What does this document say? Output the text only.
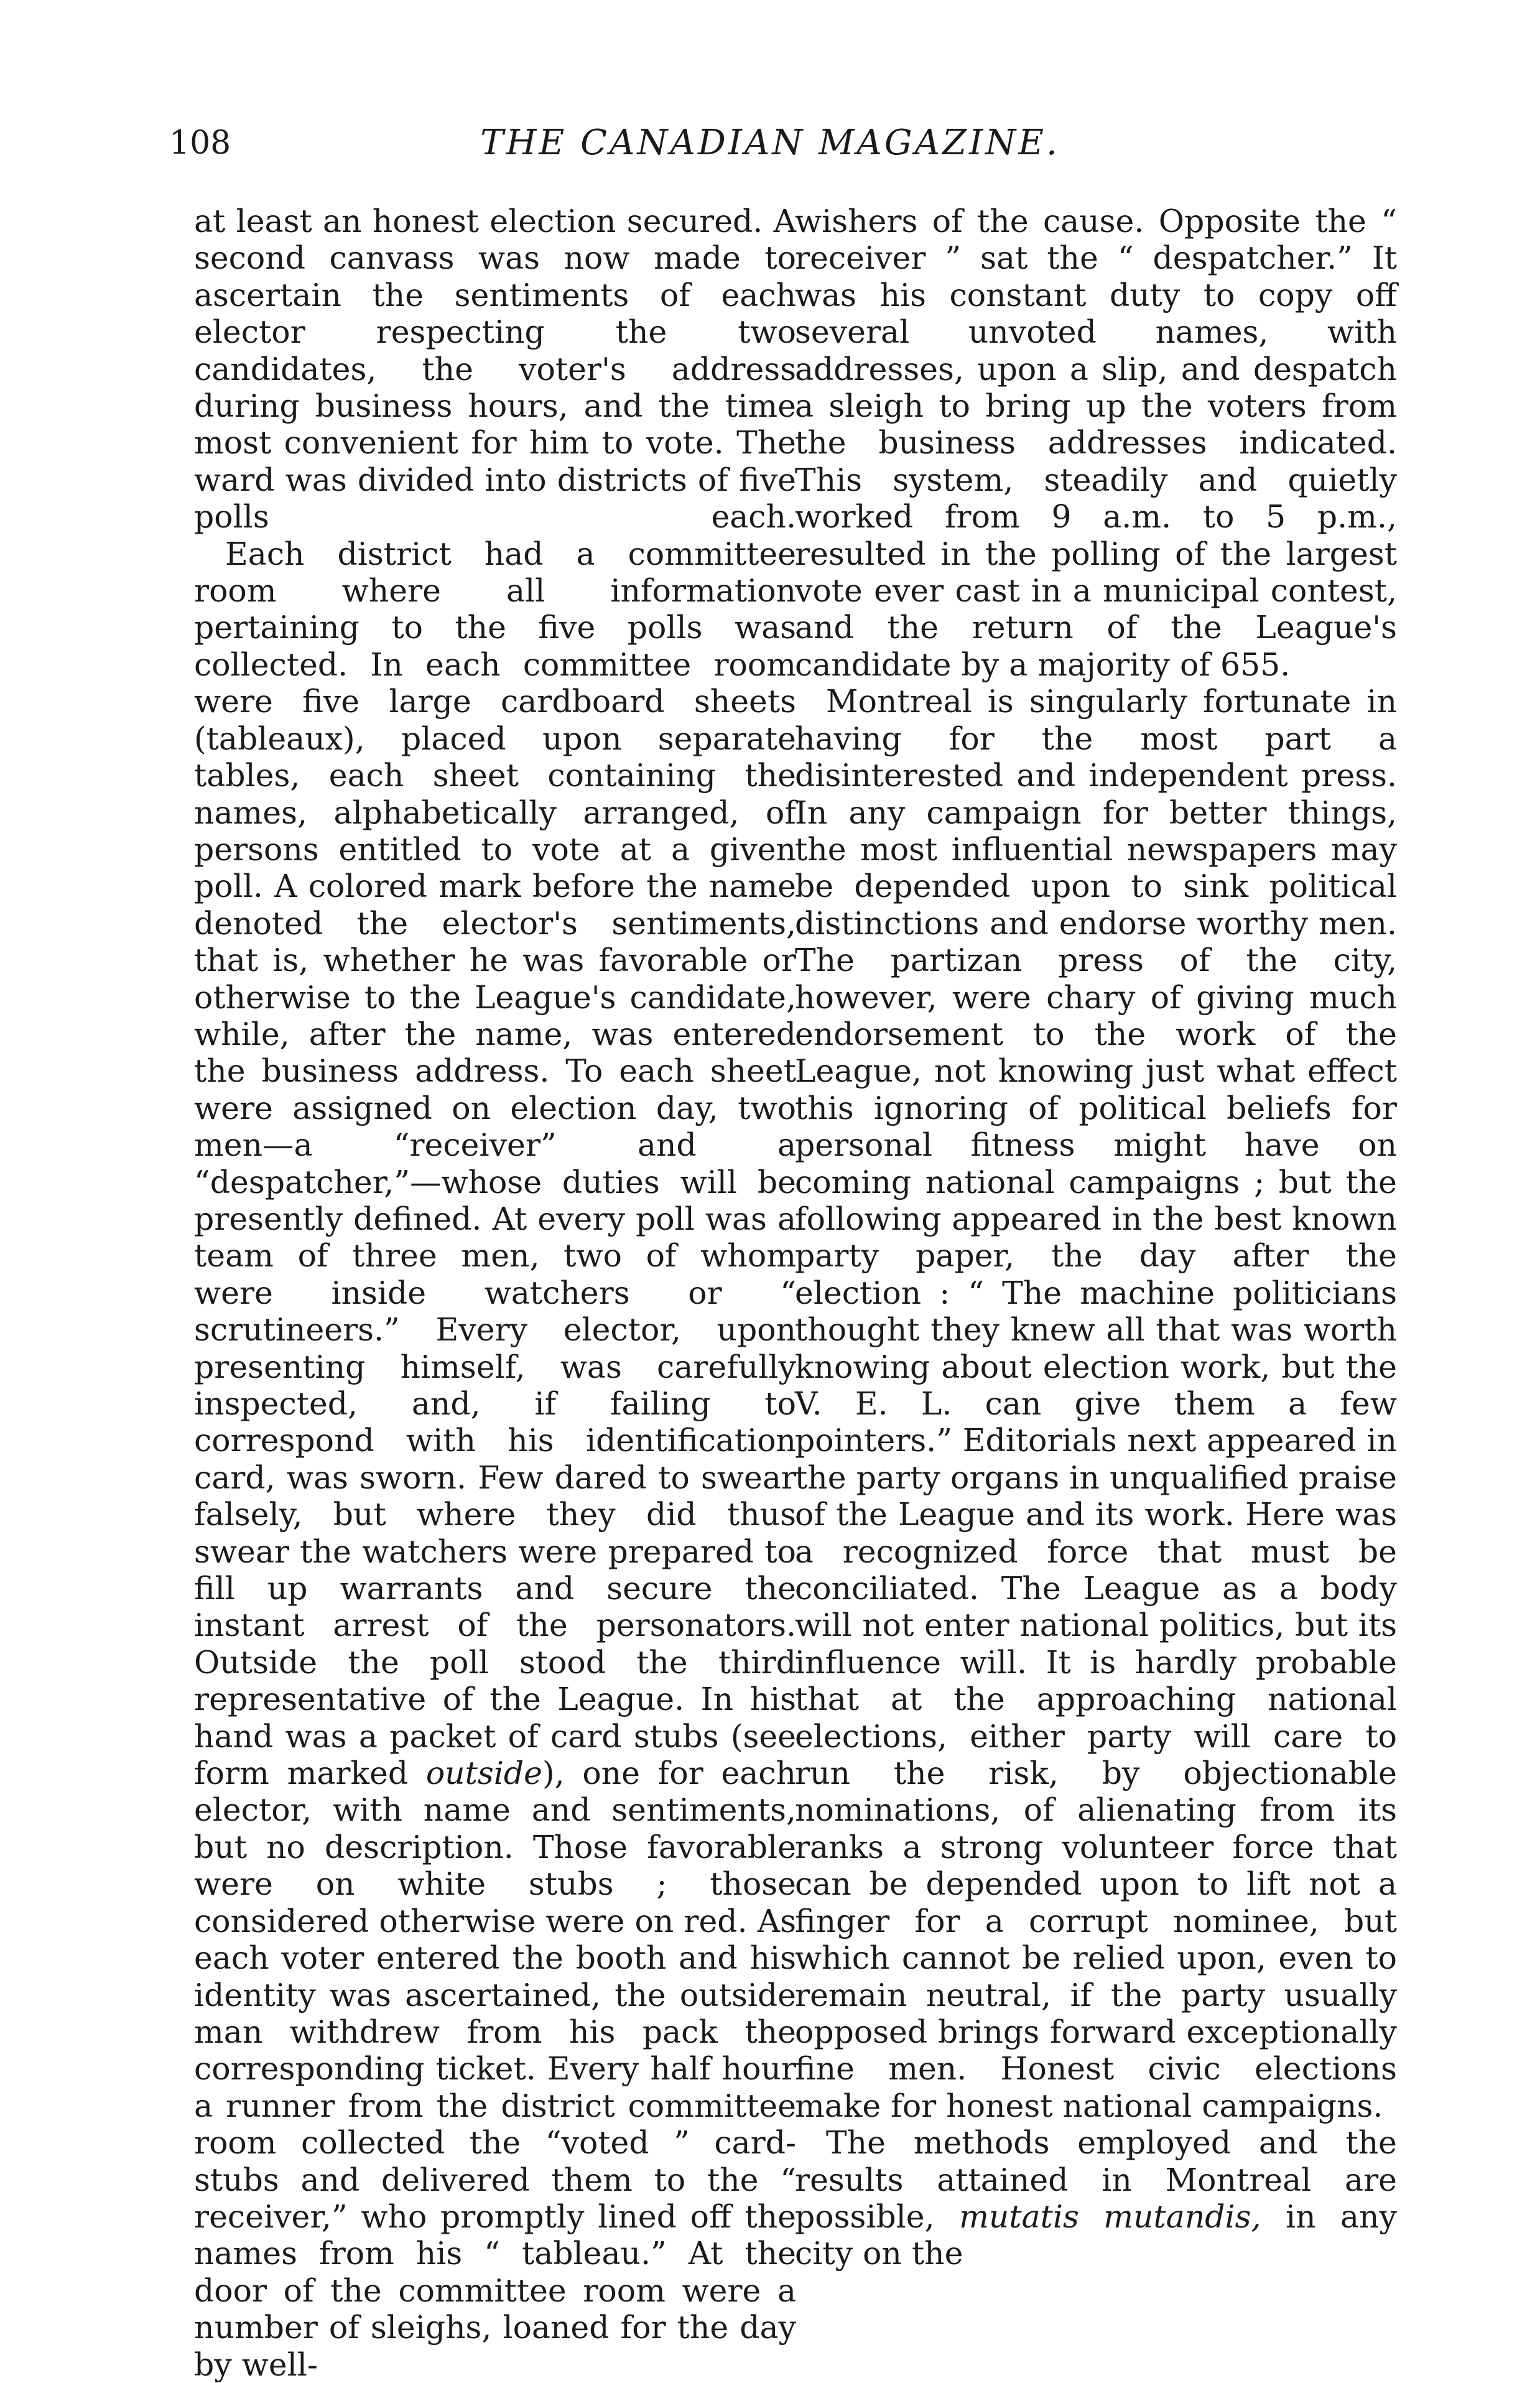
108	THE CANADIAN MAGAZINE.

at least an honest election secured. A second canvass was now made to ascertain the sentiments of each elector respecting the two candidates, the voter's address during business hours, and the time most convenient for him to vote. The ward was divided into districts of five polls each.

Each district had a committee room where all information pertaining to the five polls was collected. In each committee room were five large cardboard sheets (tableaux), placed upon separate tables, each sheet containing the names, alphabetically arranged, of persons entitled to vote at a given poll. A colored mark before the name denoted the elector's sentiments, that is, whether he was favorable or otherwise to the League's candidate, while, after the name, was entered the business address. To each sheet were assigned on election day, two men—a “receiver” and a “despatcher,”—whose duties will be presently defined. At every poll was a team of three men, two of whom were inside watchers or “ scrutineers.” Every elector, upon presenting himself, was carefully inspected, and, if failing to correspond with his identification card, was sworn. Few dared to swear falsely, but where they did thus swear the watchers were prepared to fill up warrants and secure the instant arrest of the personators. Outside the poll stood the third representative of the League. In his hand was a packet of card stubs (see form marked outside), one for each elector, with name and sentiments, but no description. Those favorable were on white stubs ; those considered otherwise were on red. As each voter entered the booth and his identity was ascertained, the outside man withdrew from his pack the corresponding ticket. Every half hour a runner from the district committee room collected the “voted ” card-stubs and delivered them to the “ receiver,” who promptly lined off the names from his “ tableau.” At the door of the committee room were a number of sleighs, loaned for the day by well-

wishers of the cause. Opposite the “ receiver ” sat the “ despatcher.” It was his constant duty to copy off several unvoted names, with addresses, upon a slip, and despatch a sleigh to bring up the voters from the business addresses indicated. This system, steadily and quietly worked from 9 a.m. to 5 p.m., resulted in the polling of the largest vote ever cast in a municipal contest, and the return of the League's candidate by a majority of 655.

Montreal is singularly fortunate in having for the most part a disinterested and independent press. In any campaign for better things, the most influential newspapers may be depended upon to sink political distinctions and endorse worthy men. The partizan press of the city, however, were chary of giving much endorsement to the work of the League, not knowing just what effect this ignoring of political beliefs for personal fitness might have on coming national campaigns ; but the following appeared in the best known party paper, the day after the election : “ The machine politicians thought they knew all that was worth knowing about election work, but the V. E. L. can give them a few pointers.” Editorials next appeared in the party organs in unqualified praise of the League and its work. Here was a recognized force that must be conciliated. The League as a body will not enter national politics, but its influence will. It is hardly probable that at the approaching national elections, either party will care to run the risk, by objectionable nominations, of alienating from its ranks a strong volunteer force that can be depended upon to lift not a finger for a corrupt nominee, but which cannot be relied upon, even to remain neutral, if the party usually opposed brings forward exceptionally fine men. Honest civic elections make for honest national campaigns.

The methods employed and the results attained in Montreal are possible, mutatis mutandis, in any city on the
